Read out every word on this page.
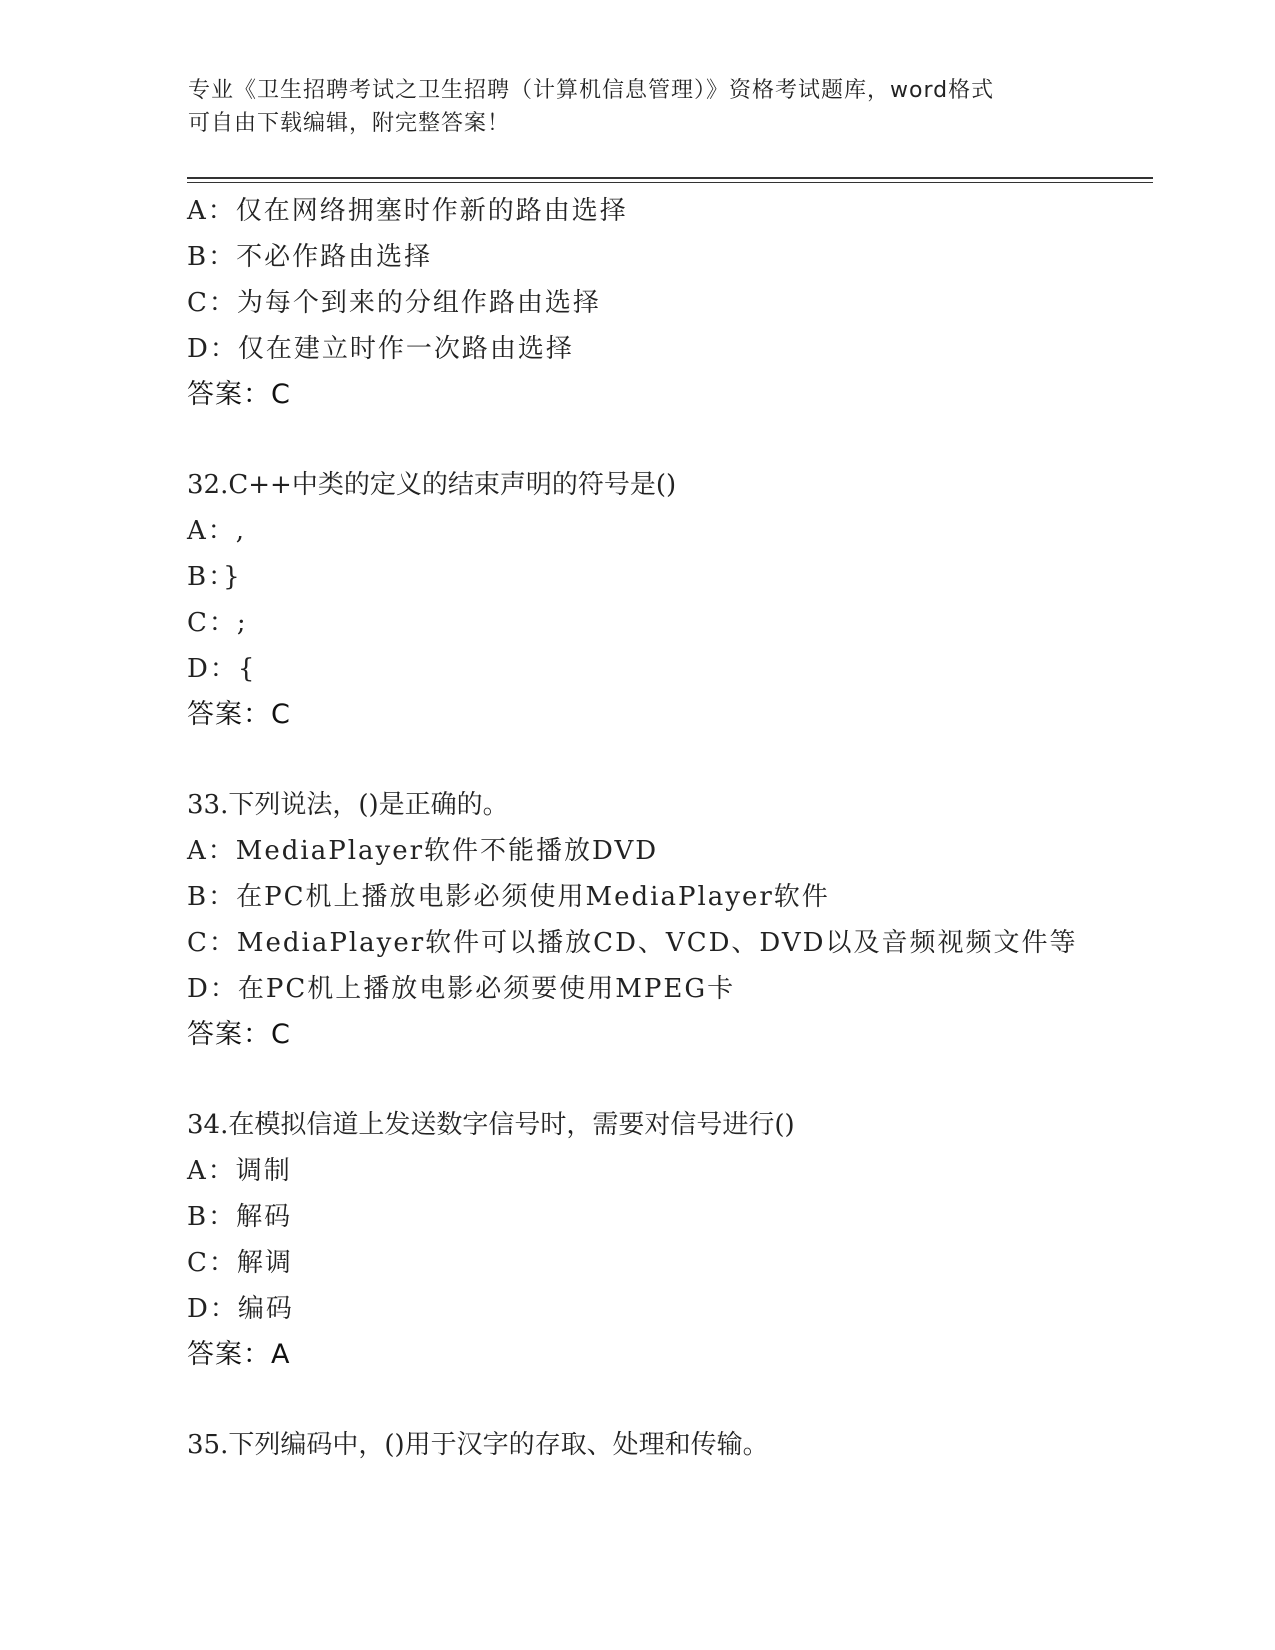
专业《卫生招聘考试之卫生招聘（计算机信息管理）》资格考试题库，word格式
可自由下载编辑，附完整答案！
A：仅在网络拥塞时作新的路由选择
B：不必作路由选择
C：为每个到来的分组作路由选择
D：仅在建立时作一次路由选择
答案：C
32.C++中类的定义的结束声明的符号是()
A：,
B：}
C：;
D：{
答案：C
33.下列说法，()是正确的。
A：MediaPlayer软件不能播放DVD
B：在PC机上播放电影必须使用MediaPlayer软件
C：MediaPlayer软件可以播放CD、VCD、DVD以及音频视频文件等
D：在PC机上播放电影必须要使用MPEG卡
答案：C
34.在模拟信道上发送数字信号时，需要对信号进行()
A：调制
B：解码
C：解调
D：编码
答案：A
35.下列编码中，()用于汉字的存取、处理和传输。
